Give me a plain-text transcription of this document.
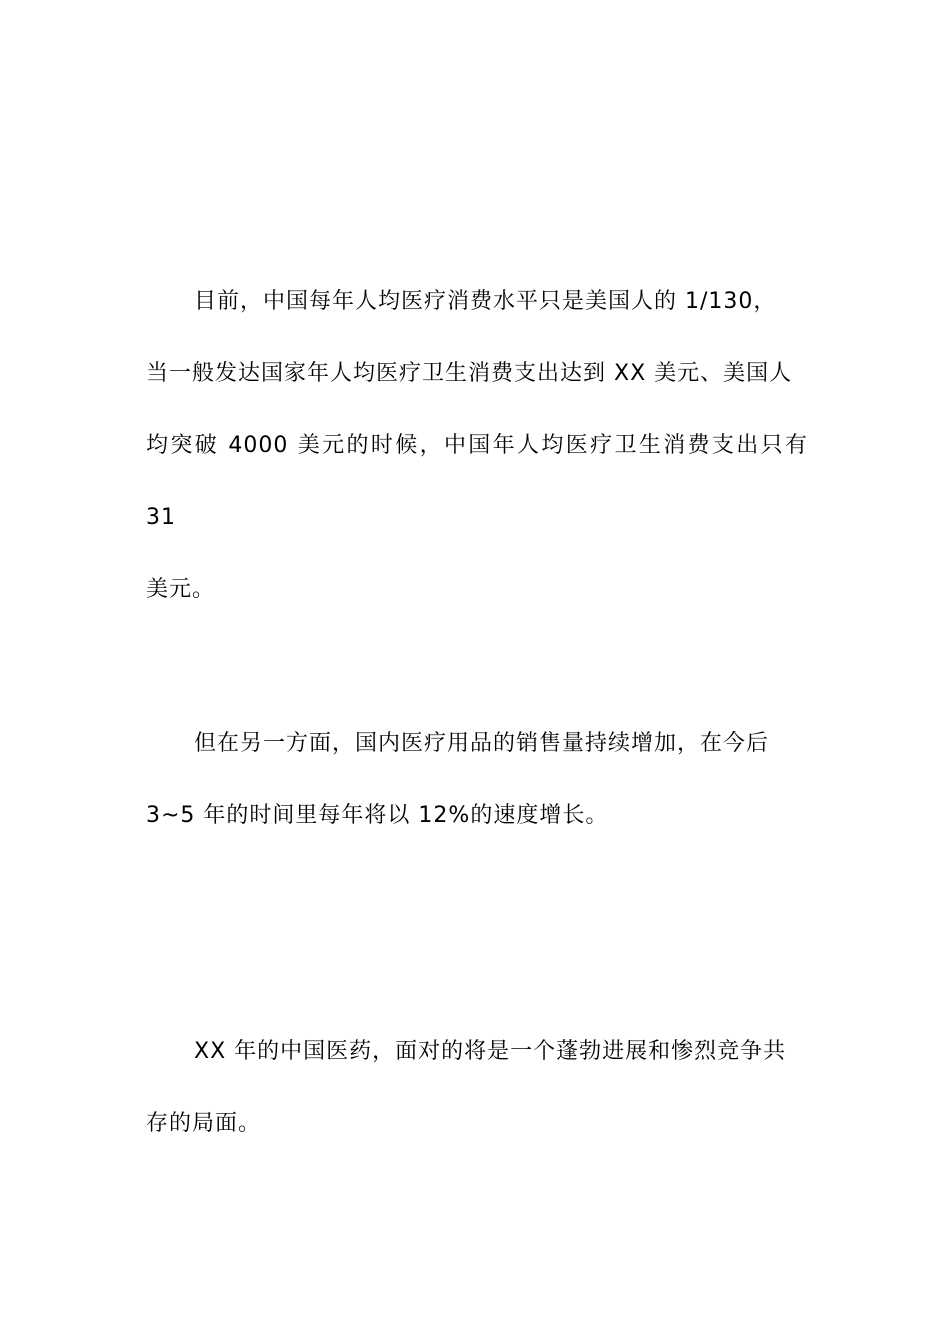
目前，中国每年人均医疗消费水平只是美国人的 1/130，
当一般发达国家年人均医疗卫生消费支出达到 XX 美元、美国人
均突破 4000 美元的时候，中国年人均医疗卫生消费支出只有 31
美元。

但在另一方面，国内医疗用品的销售量持续增加，在今后
3~5 年的时间里每年将以 12%的速度增长。

XX 年的中国医药，面对的将是一个蓬勃进展和惨烈竞争共
存的局面。
